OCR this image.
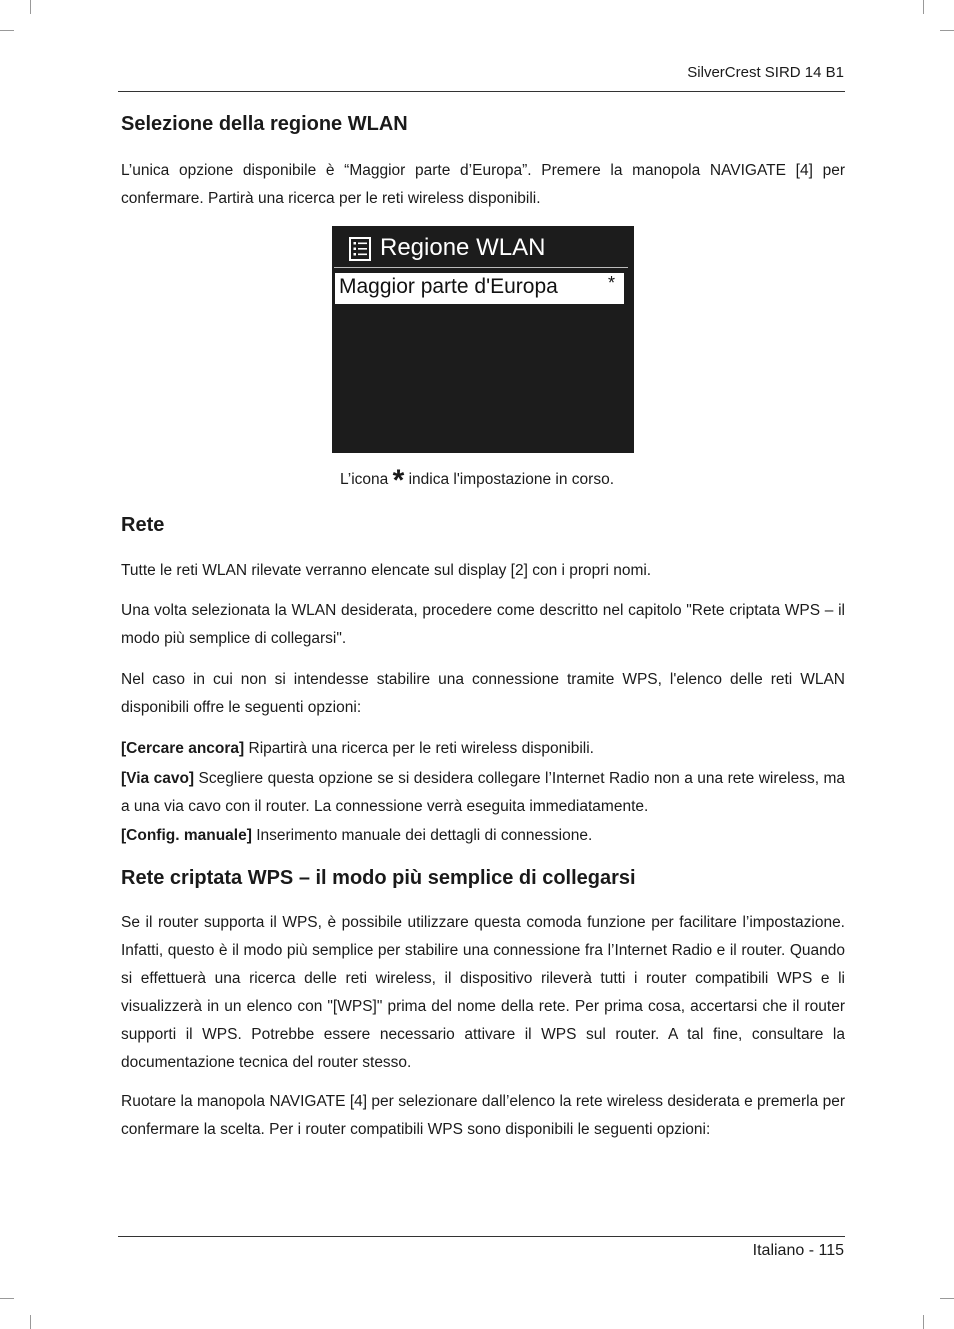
SilverCrest SIRD 14 B1
Selezione della regione WLAN
L’unica opzione disponibile è “Maggior parte d’Europa”. Premere la manopola NAVIGATE [4] per confermare. Partirà una ricerca per le reti wireless disponibili.
Regione WLAN
Maggior parte d'Europa	*
L’icona * indica l'impostazione in corso.
Rete
Tutte le reti WLAN rilevate verranno elencate sul display [2] con i propri nomi.
Una volta selezionata la WLAN desiderata, procedere come descritto nel capitolo "Rete criptata WPS – il modo più semplice di collegarsi".
Nel caso in cui non si intendesse stabilire una connessione tramite WPS, l'elenco delle reti WLAN disponibili offre le seguenti opzioni:
[Cercare ancora] Ripartirà una ricerca per le reti wireless disponibili.
[Via cavo] Scegliere questa opzione se si desidera collegare l’Internet Radio non a una rete wireless, ma a una via cavo con il router. La connessione verrà eseguita immediatamente.
[Config. manuale] Inserimento manuale dei dettagli di connessione.
Rete criptata WPS – il modo più semplice di collegarsi
Se il router supporta il WPS, è possibile utilizzare questa comoda funzione per facilitare l’impostazione. Infatti, questo è il modo più semplice per stabilire una connessione fra l’Internet Radio e il router. Quando si effettuerà una ricerca delle reti wireless, il dispositivo rileverà tutti i router compatibili WPS e li visualizzerà in un elenco con "[WPS]" prima del nome della rete. Per prima cosa, accertarsi che il router supporti il WPS. Potrebbe essere necessario attivare il WPS sul router. A tal fine, consultare la documentazione tecnica del router stesso.
Ruotare la manopola NAVIGATE [4] per selezionare dall’elenco la rete wireless desiderata e premerla per confermare la scelta. Per i router compatibili WPS sono disponibili le seguenti opzioni:
Italiano - 115
